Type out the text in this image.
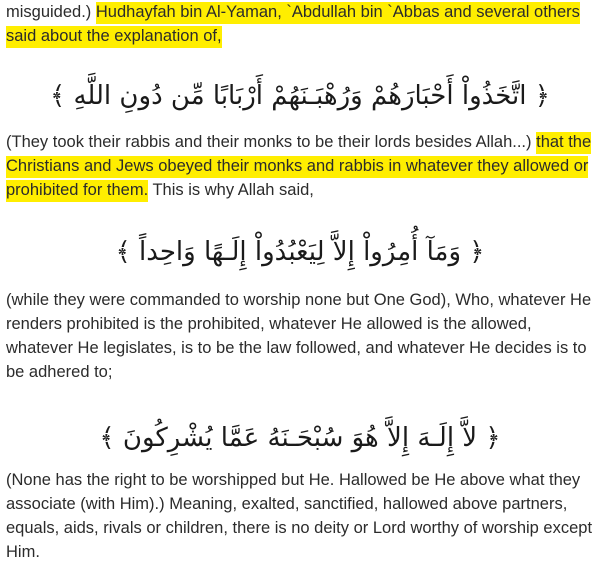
misguided.) Hudhayfah bin Al-Yaman, `Abdullah bin `Abbas and several others said about the explanation of,

﴿ اتَّخَذُواْ أَحْبَارَهُمْ وَرُهْبَـنَهُمْ أَرْبَابًا مِّن دُونِ اللَّهِ ﴾

(They took their rabbis and their monks to be their lords besides Allah...) that the Christians and Jews obeyed their monks and rabbis in whatever they allowed or prohibited for them. This is why Allah said,

﴿ وَمَآ أُمِرُواْ إِلاَّ لِيَعْبُدُواْ إِلَـهًا وَاحِداً ﴾

(while they were commanded to worship none but One God), Who, whatever He renders prohibited is the prohibited, whatever He allowed is the allowed, whatever He legislates, is to be the law followed, and whatever He decides is to be adhered to;

﴿ لاَّ إِلَـهَ إِلاَّ هُوَ سُبْحَـنَهُ عَمَّا يُشْرِكُونَ ﴾

(None has the right to be worshipped but He. Hallowed be He above what they associate (with Him).) Meaning, exalted, sanctified, hallowed above partners, equals, aids, rivals or children, there is no deity or Lord worthy of worship except Him.
